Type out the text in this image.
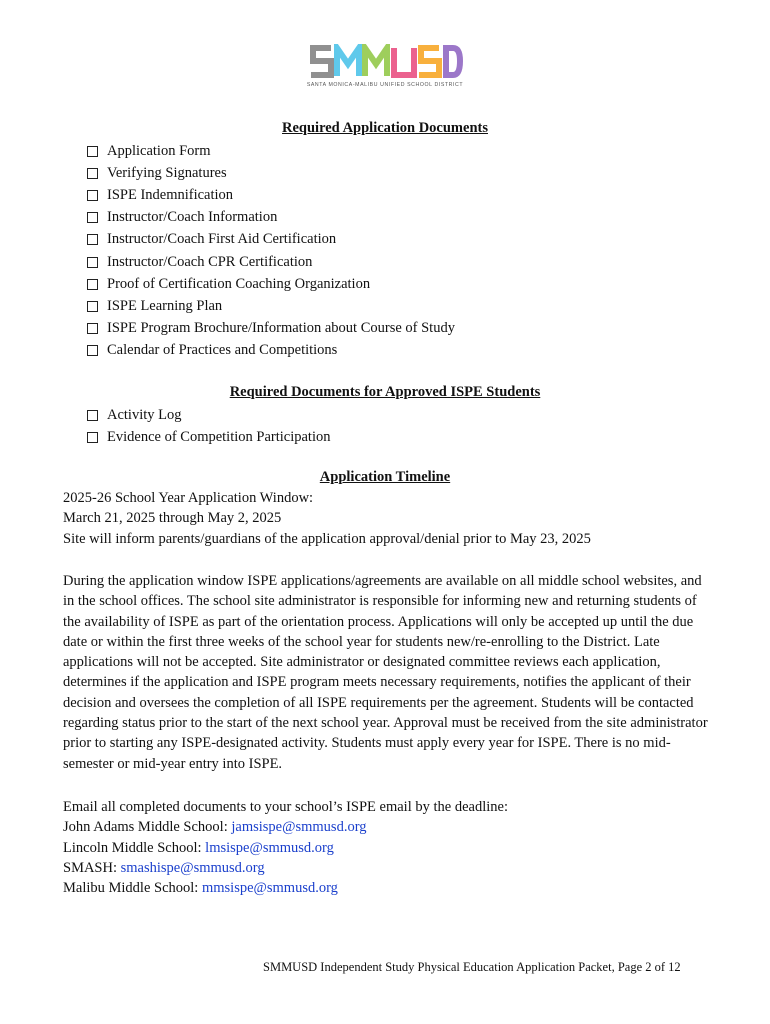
SANTA MONICA-MALIBU UNIFIED SCHOOL DISTRICT
Required Application Documents
Application Form
Verifying Signatures
ISPE Indemnification
Instructor/Coach Information
Instructor/Coach First Aid Certification
Instructor/Coach CPR Certification
Proof of Certification Coaching Organization
ISPE Learning Plan
ISPE Program Brochure/Information about Course of Study
Calendar of Practices and Competitions
Required Documents for Approved ISPE Students
Activity Log
Evidence of Competition Participation
Application Timeline
2025-26 School Year Application Window:
March 21, 2025 through May 2, 2025
Site will inform parents/guardians of the application approval/denial prior to May 23, 2025
During the application window ISPE applications/agreements are available on all middle school websites, and in the school offices. The school site administrator is responsible for informing new and returning students of the availability of ISPE as part of the orientation process. Applications will only be accepted up until the due date or within the first three weeks of the school year for students new/re-enrolling to the District. Late applications will not be accepted. Site administrator or designated committee reviews each application, determines if the application and ISPE program meets necessary requirements, notifies the applicant of their decision and oversees the completion of all ISPE requirements per the agreement. Students will be contacted regarding status prior to the start of the next school year. Approval must be received from the site administrator prior to starting any ISPE-designated activity. Students must apply every year for ISPE. There is no mid-semester or mid-year entry into ISPE.
Email all completed documents to your school’s ISPE email by the deadline:
John Adams Middle School: jamsispe@smmusd.org
Lincoln Middle School: lmsispe@smmusd.org
SMASH: smashispe@smmusd.org
Malibu Middle School: mmsispe@smmusd.org
SMMUSD Independent Study Physical Education Application Packet, Page 2 of 12
